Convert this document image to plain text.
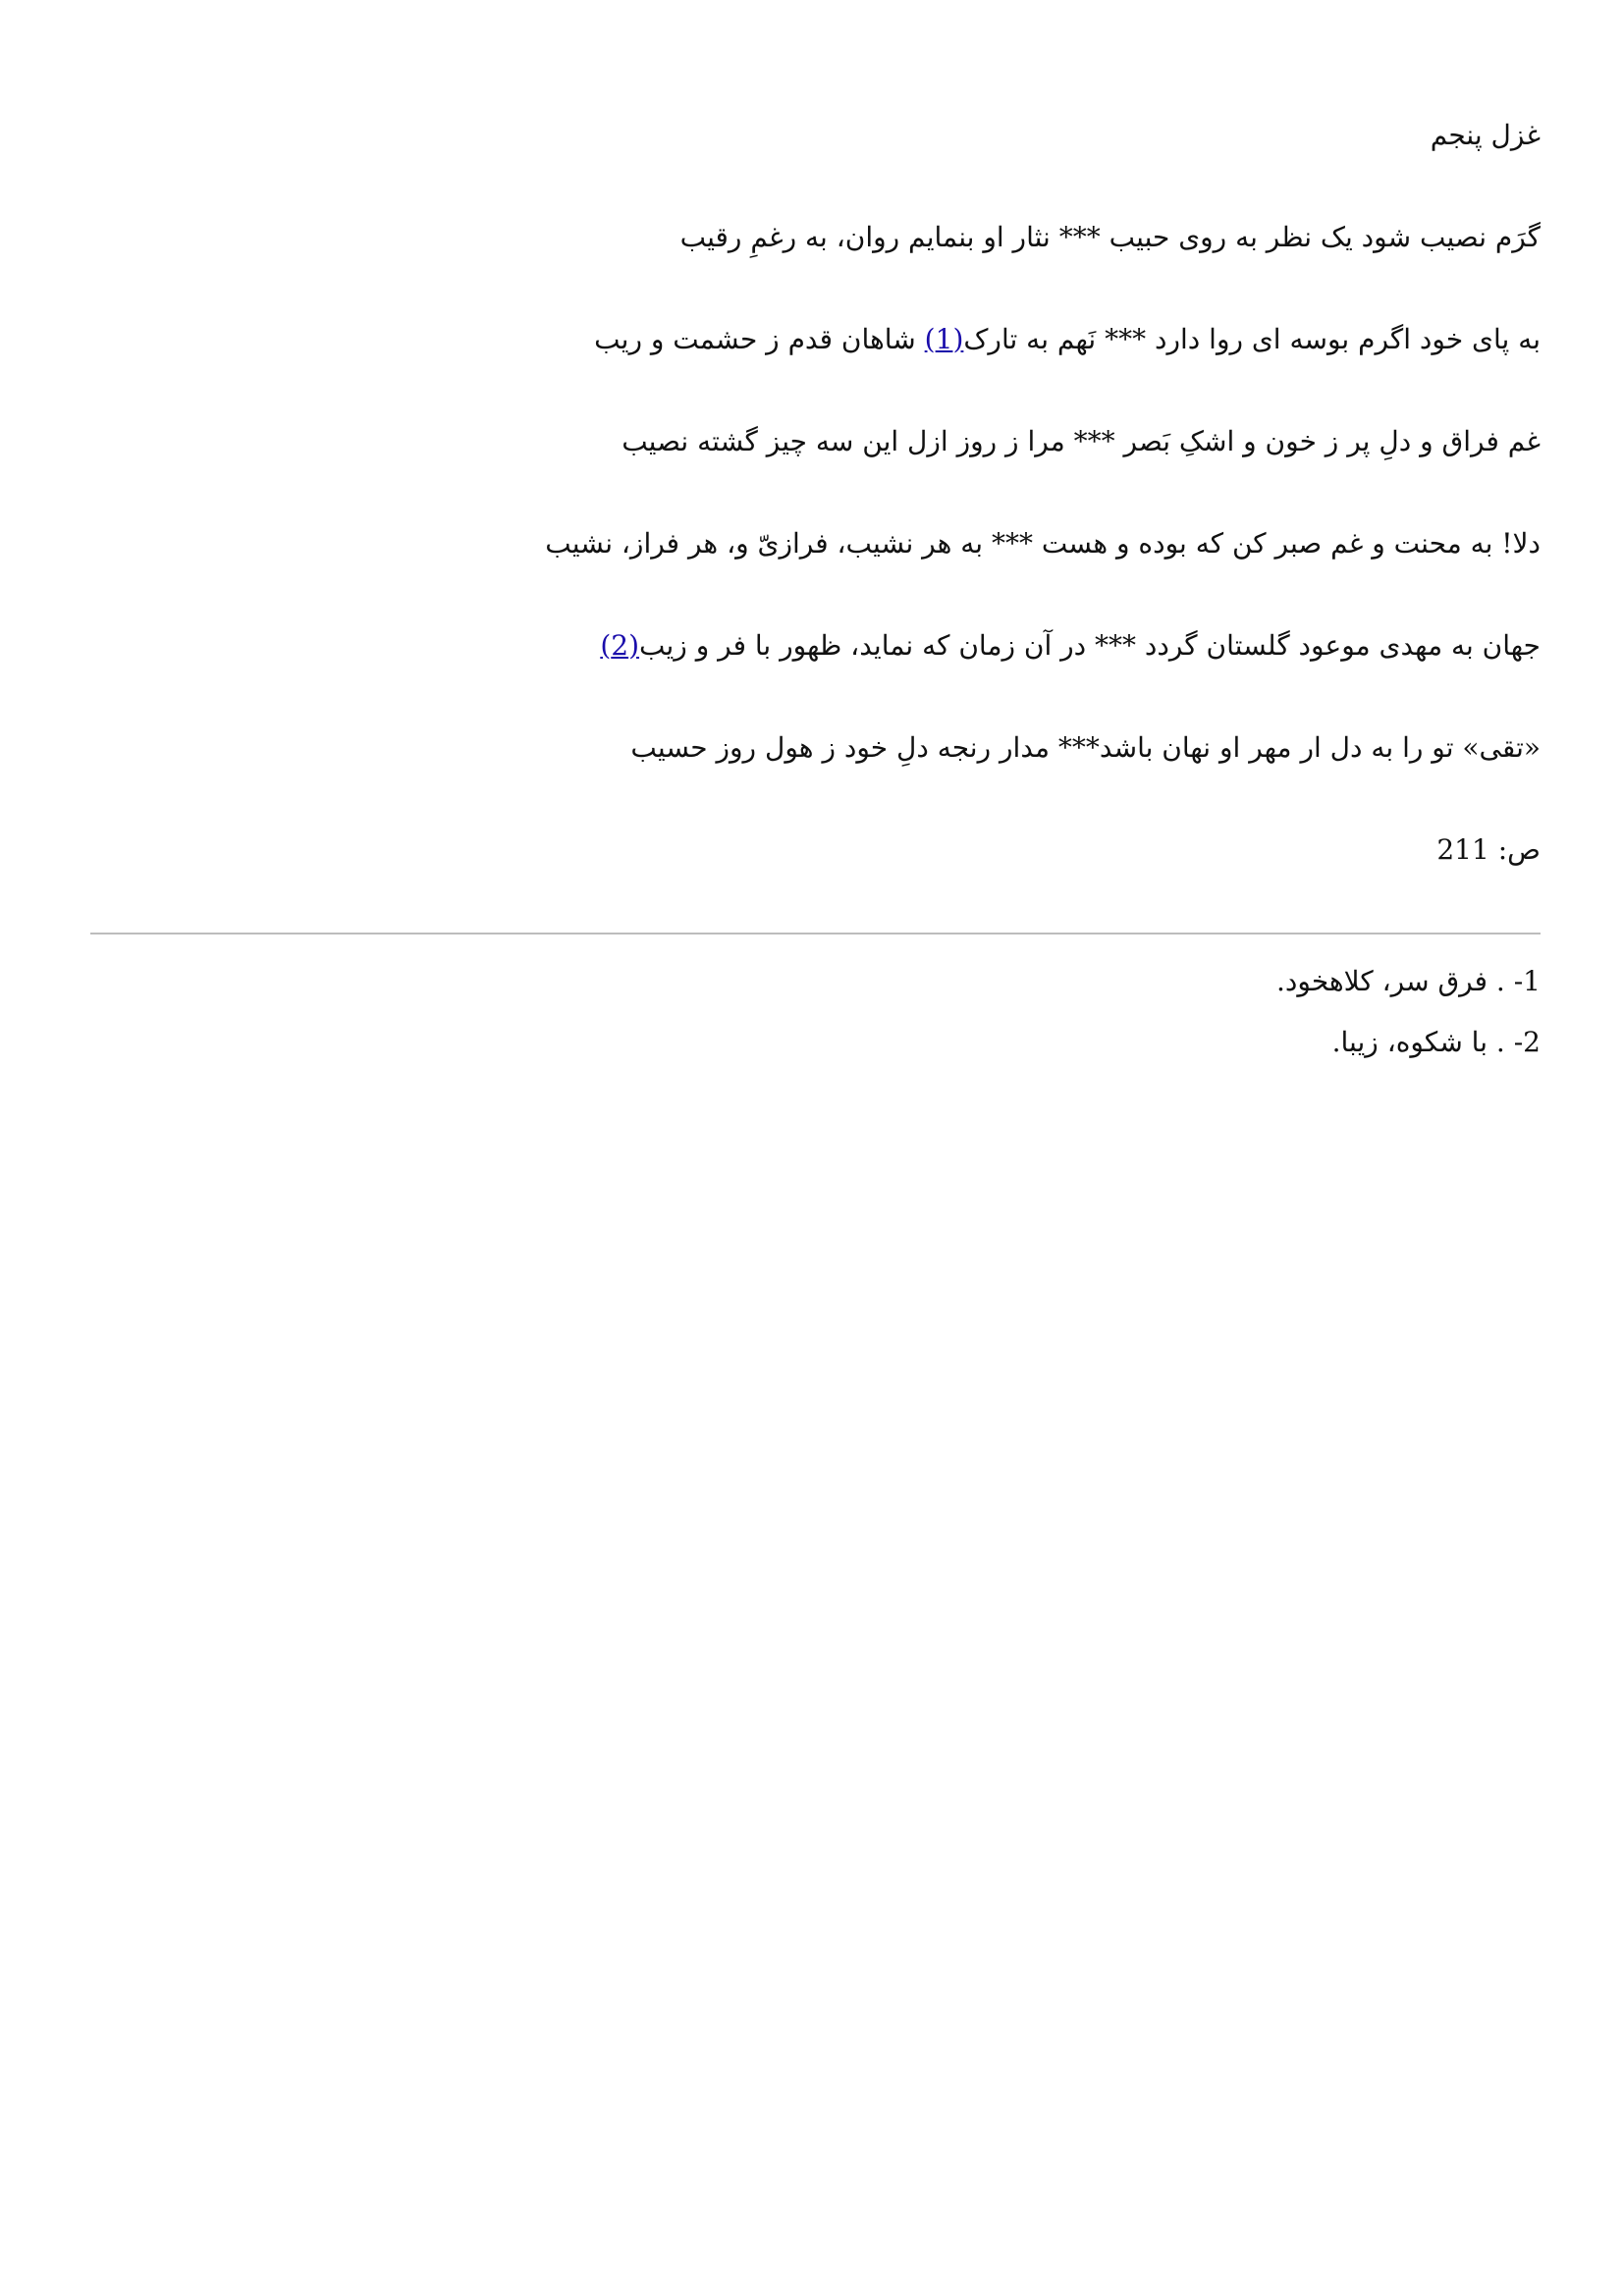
غزل پنجم
گرَم نصیب شود یک نظر به روی حبیب *** نثار او بنمایم روان، به رغمِ رقیب
به پای خود اگرم بوسه ای روا دارد *** نَهم به تارک(1) شاهان قدم ز حشمت و ریب
غم فراق و دلِ پر ز خون و اشکِ بَصر *** مرا ز روز ازل این سه چیز گشته نصیب
دلا! به محنت و غم صبر کن که بوده و هست *** به هر نشیب، فرازیّ و، هر فراز، نشیب
جهان به مهدی موعود گلستان گردد *** در آن زمان که نماید، ظهور با فر و زیب(2)
«تقی» تو را به دل ار مهر او نهان باشد*** مدار رنجه دلِ خود ز هول روز حسیب
ص: 211
1- . فرق سر، کلاهخود.
2- . با شکوه، زیبا.
